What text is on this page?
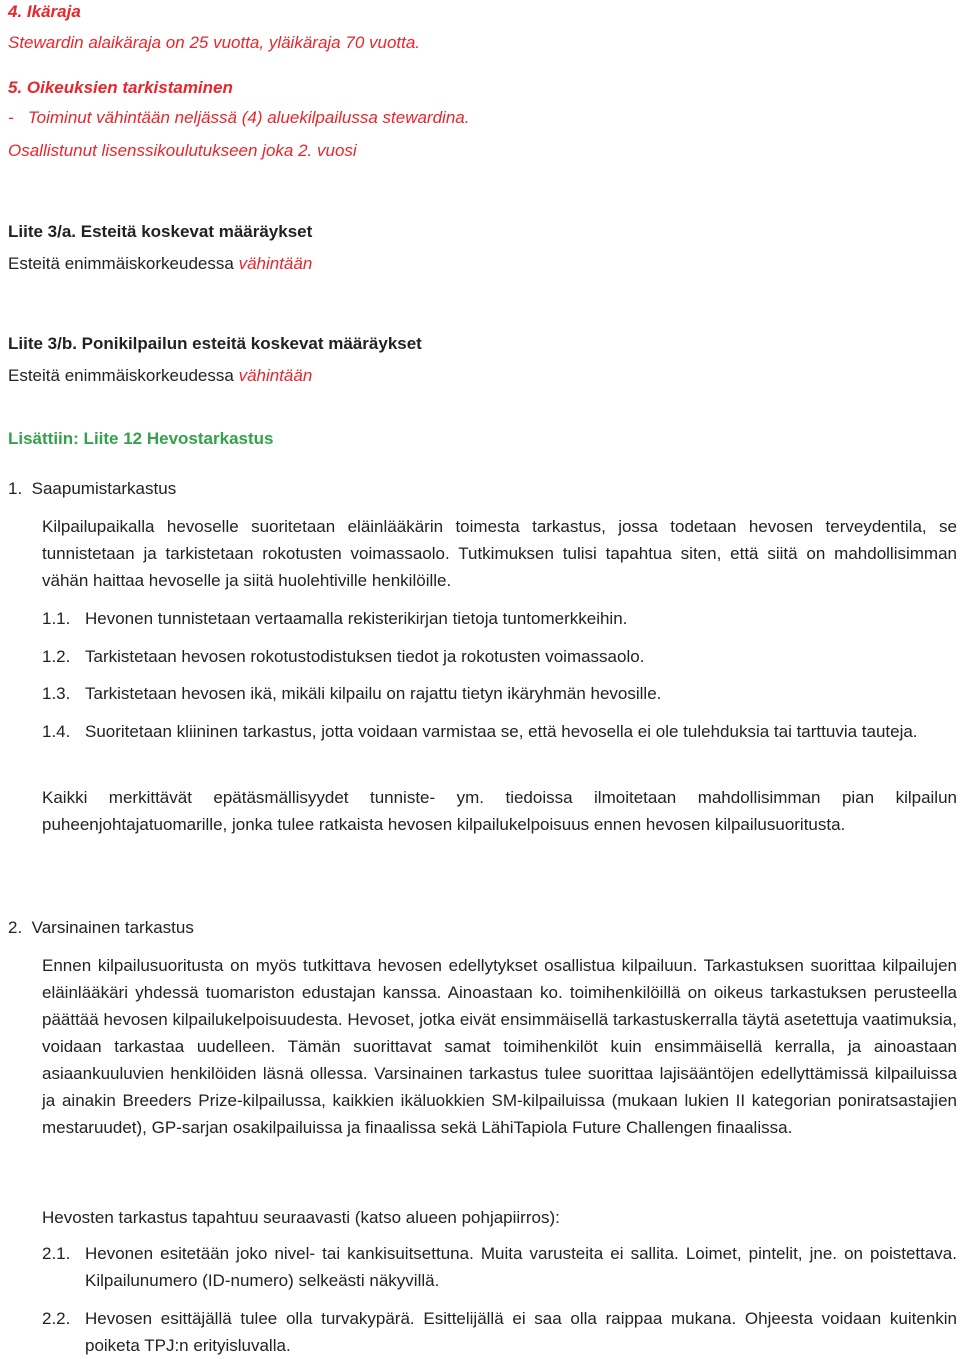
4. Ikäraja

Stewardin alaikäraja on 25 vuotta, yläikäraja 70 vuotta.

5. Oikeuksien tarkistaminen

-   Toiminut vähintään neljässä (4) aluekilpailussa stewardina.

Osallistunut lisenssikoulutukseen joka 2. vuosi

Liite 3/a. Esteitä koskevat määräykset

Esteitä enimmäiskorkeudessa vähintään

Liite 3/b. Ponikilpailun esteitä koskevat määräykset

Esteitä enimmäiskorkeudessa vähintään

Lisättiin: Liite 12 Hevostarkastus

1.  Saapumistarkastus

Kilpailupaikalla hevoselle suoritetaan eläinlääkärin toimesta tarkastus, jossa todetaan hevosen terveydentila, se tunnistetaan ja tarkistetaan rokotusten voimassaolo. Tutkimuksen tulisi tapahtua siten, että siitä on mahdollisimman vähän haittaa hevoselle ja siitä huolehtiville henkilöille.

1.1. Hevonen tunnistetaan vertaamalla rekisterikirjan tietoja tuntomerkkeihin.
1.2. Tarkistetaan hevosen rokotustodistuksen tiedot ja rokotusten voimassaolo.
1.3. Tarkistetaan hevosen ikä, mikäli kilpailu on rajattu tietyn ikäryhmän hevosille.
1.4. Suoritetaan kliininen tarkastus, jotta voidaan varmistaa se, että hevosella ei ole tulehduksia tai tarttuvia tauteja.

Kaikki merkittävät epätäsmällisyydet tunniste- ym. tiedoissa ilmoitetaan mahdollisimman pian kilpailun puheenjohtajatuomarille, jonka tulee ratkaista hevosen kilpailukelpoisuus ennen hevosen kilpailusuoritusta.

2.  Varsinainen tarkastus

Ennen kilpailusuoritusta on myös tutkittava hevosen edellytykset osallistua kilpailuun. Tarkastuksen suorittaa kilpailujen eläinlääkäri yhdessä tuomariston edustajan kanssa. Ainoastaan ko. toimihenkilöillä on oikeus tarkastuksen perusteella päättää hevosen kilpailukelpoisuudesta. Hevoset, jotka eivät ensimmäisellä tarkastuskerralla täytä asetettuja vaatimuksia, voidaan tarkastaa uudelleen. Tämän suorittavat samat toimihenkilöt kuin ensimmäisellä kerralla, ja ainoastaan asiaankuuluvien henkilöiden läsnä ollessa. Varsinainen tarkastus tulee suorittaa lajisääntöjen edellyttämissä kilpailuissa ja ainakin Breeders Prize-kilpailussa, kaikkien ikäluokkien SM-kilpailuissa (mukaan lukien II kategorian poniratsastajien mestaruudet), GP-sarjan osakilpailuissa ja finaalissa sekä LähiTapiola Future Challengen finaalissa.

Hevosten tarkastus tapahtuu seuraavasti (katso alueen pohjapiirros):

2.1. Hevonen esitetään joko nivel- tai kankisuitsettuna. Muita varusteita ei sallita. Loimet, pintelit, jne. on poistettava. Kilpailunumero (ID-numero) selkeästi näkyvillä.
2.2. Hevosen esittäjällä tulee olla turvakypärä. Esittelijällä ei saa olla raippaa mukana. Ohjeesta voidaan kuitenkin poiketa TPJ:n erityisluvalla.
